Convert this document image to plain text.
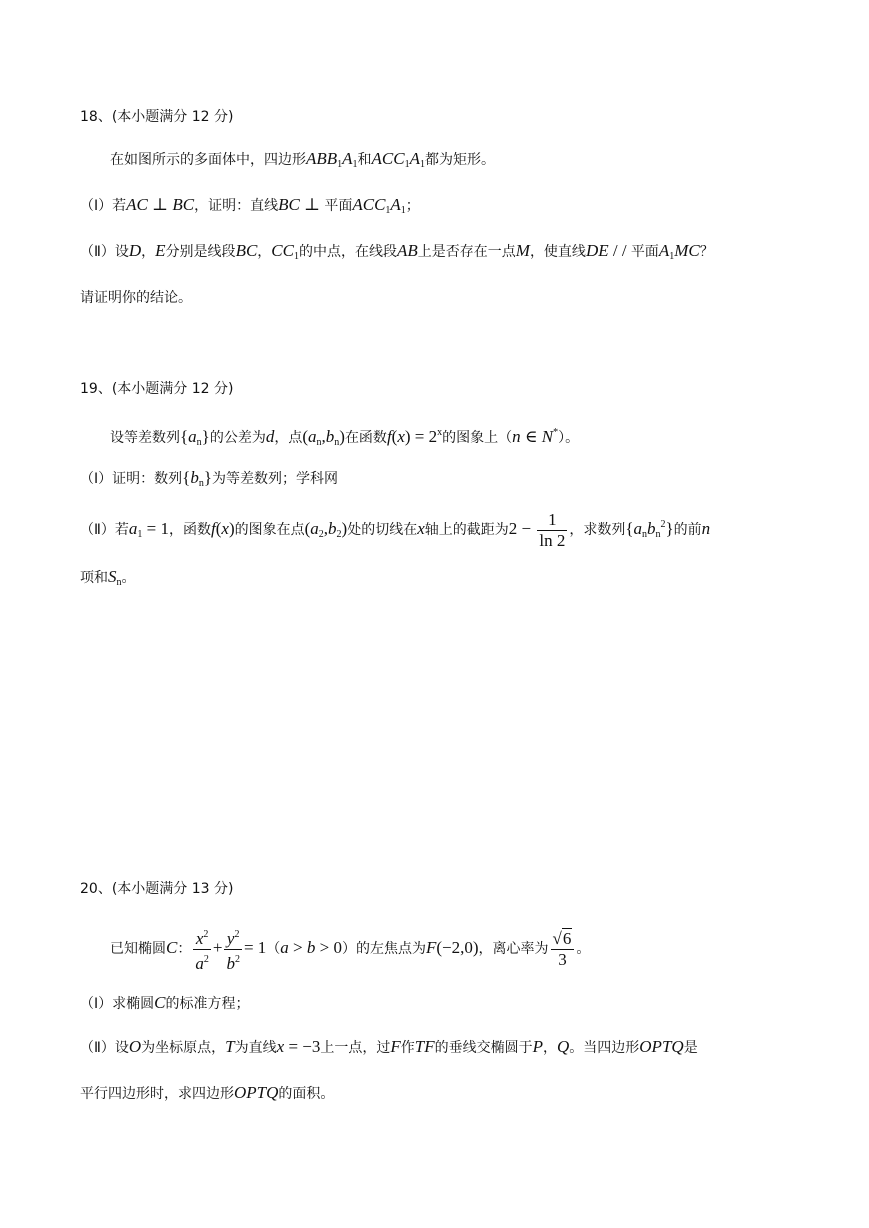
18、(本小题满分 12 分)
在如图所示的多面体中，四边形$ABB_1A_1$和$ACC_1A_1$都为矩形。
（Ⅰ）若AC ⊥ BC，证明：直线BC ⊥ 平面$ACC_1A_1$；
（Ⅱ）设D，E分别是线段BC，$CC_1$的中点，在线段AB上是否存在一点M，使直线DE / / 平面$A_1MC$？
请证明你的结论。
19、(本小题满分 12 分)
设等差数列$\{a_n\}$的公差为d，点$(a_n,b_n)$在函数$f(x) = 2^x$的图象上（n ∈ N*）。
（Ⅰ）证明：数列$\{b_n\}$为等差数列；学科网
（Ⅱ）若$a_1 = 1$，函数f(x)的图象在点$(a_2,b_2)$处的切线在x轴上的截距为$2 - \frac{1}{\ln 2}$ ，求数列$\{a_nb_n^2\}$的前n
项和$S_n$。
20、(本小题满分 13 分)
已知椭圆C： $\frac{x^2}{a^2} + \frac{y^2}{b^2} = 1(a > b > 0)$的左焦点为F(−2,0)，离心率为 $\frac{√6}{3}$ 。
（Ⅰ）求椭圆C的标准方程；
（Ⅱ）设O为坐标原点，T为直线x = −3上一点，过F作TF的垂线交椭圆于P，Q。当四边形OPTQ是
平行四边形时，求四边形OPTQ的面积。
